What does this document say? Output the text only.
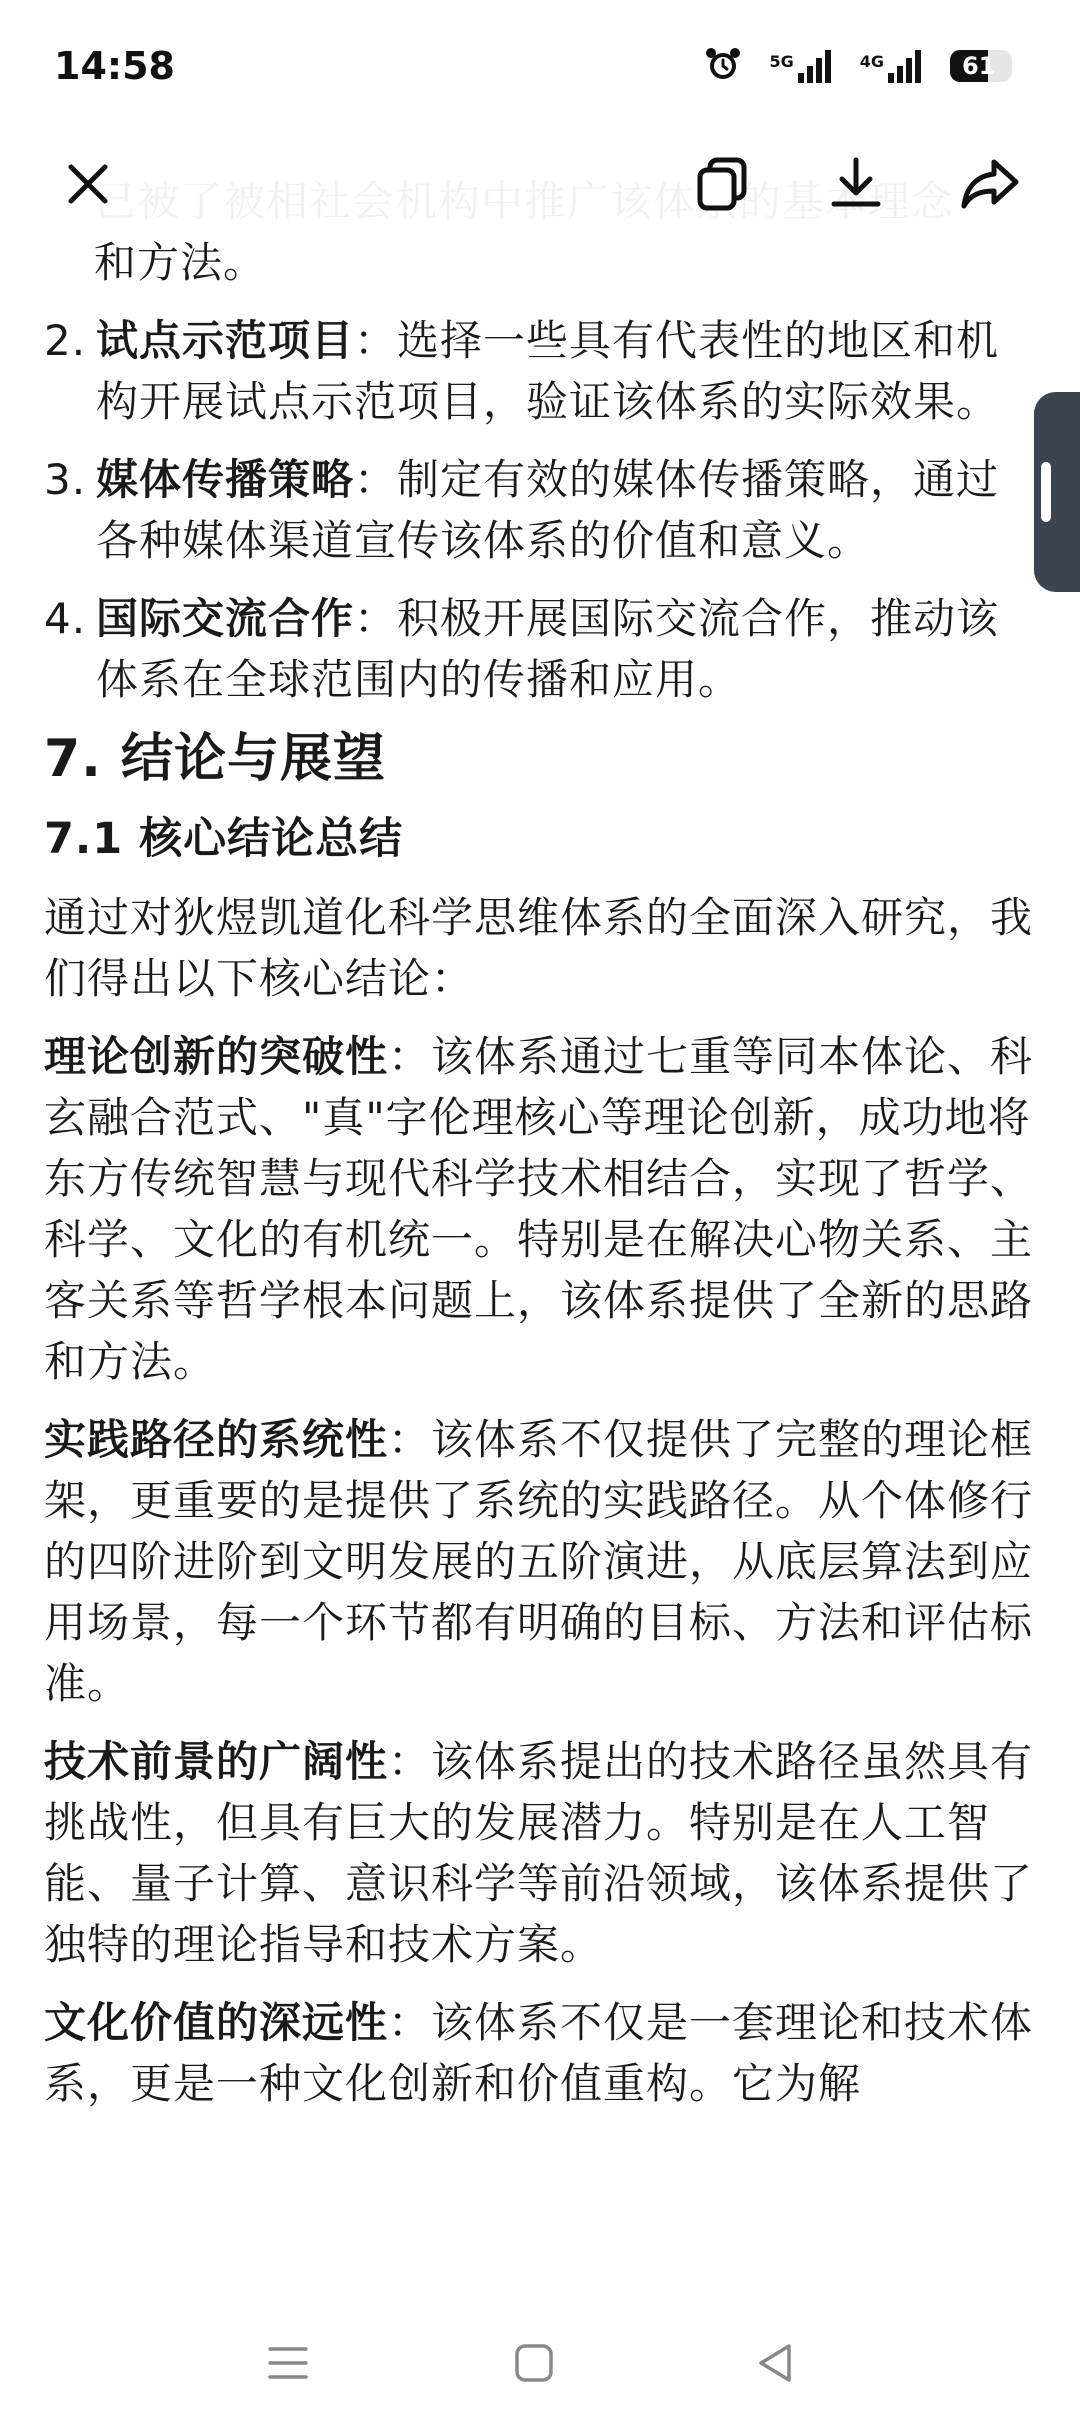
14:58	5G	4G	61
和方法。
2. 试点示范项目：选择一些具有代表性的地区和机构开展试点示范项目，验证该体系的实际效果。
3. 媒体传播策略：制定有效的媒体传播策略，通过各种媒体渠道宣传该体系的价值和意义。
4. 国际交流合作：积极开展国际交流合作，推动该体系在全球范围内的传播和应用。
7. 结论与展望
7.1 核心结论总结

通过对狄煜凯道化科学思维体系的全面深入研究，我们得出以下核心结论：

理论创新的突破性：该体系通过七重等同本体论、科玄融合范式、"真"字伦理核心等理论创新，成功地将东方传统智慧与现代科学技术相结合，实现了哲学、科学、文化的有机统一。特别是在解决心物关系、主客关系等哲学根本问题上，该体系提供了全新的思路和方法。

实践路径的系统性：该体系不仅提供了完整的理论框架，更重要的是提供了系统的实践路径。从个体修行的四阶进阶到文明发展的五阶演进，从底层算法到应用场景，每一个环节都有明确的目标、方法和评估标准。

技术前景的广阔性：该体系提出的技术路径虽然具有挑战性，但具有巨大的发展潜力。特别是在人工智能、量子计算、意识科学等前沿领域，该体系提供了独特的理论指导和技术方案。

文化价值的深远性：该体系不仅是一套理论和技术体系，更是一种文化创新和价值重构。它为解
